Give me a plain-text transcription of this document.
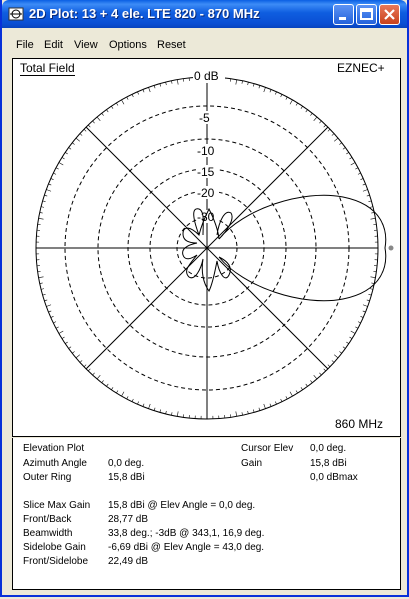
2D Plot: 13 + 4 ele. LTE 820 - 870 MHz
File Edit View Options Reset
0 dB
-5
-10
-15
-20
-30
Total Field	EZNEC+
860 MHz
Elevation Plot
Azimuth Angle 0,0 deg.
Outer Ring	15,8 dBi
Cursor Elev 0,0 deg.
Gain	15,8 dBi
0,0 dBmax
Slice Max Gain 15,8 dBi @ Elev Angle = 0,0 deg.
Front/Back	28,77 dB
Beamwidth	33,8 deg.; -3dB @ 343,1, 16,9 deg.
Sidelobe Gain -6,69 dBi @ Elev Angle = 43,0 deg.
Front/Sidelobe 22,49 dB
